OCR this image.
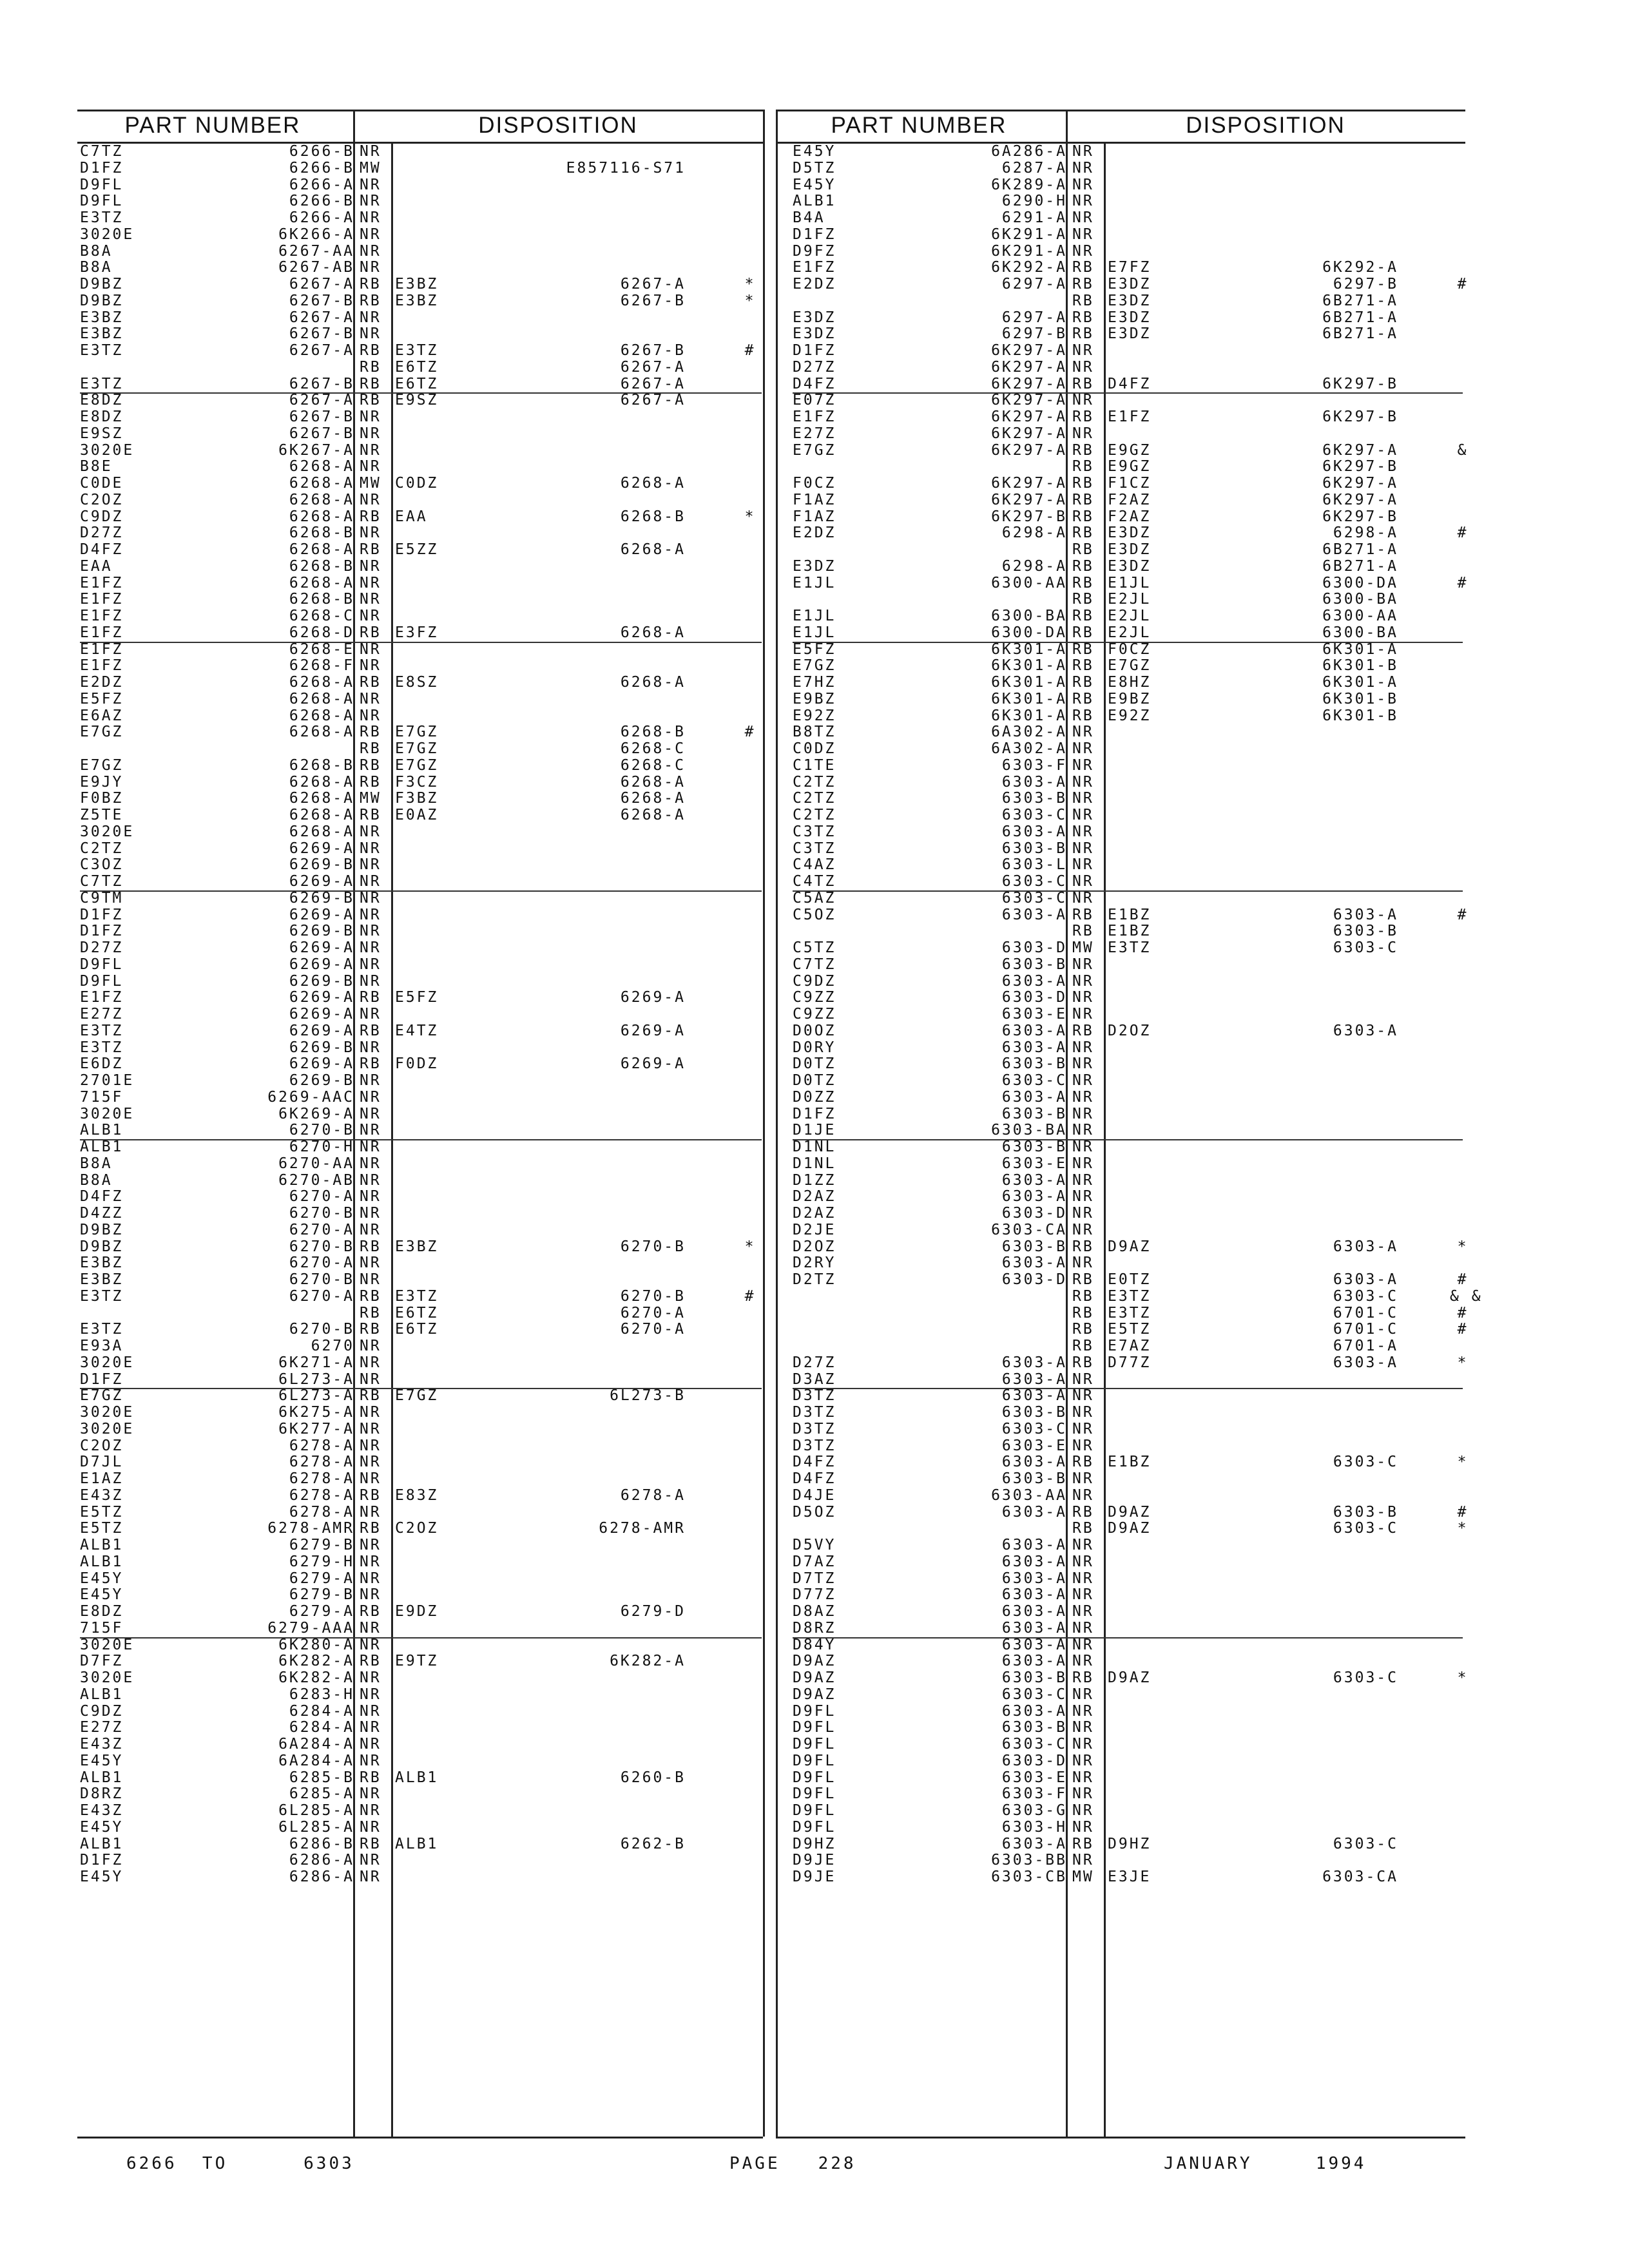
PART NUMBER	DISPOSITION	PART NUMBER	DISPOSITION
C7TZ	6266-B NR
D1FZ	6266-B MW	E857116-S71
D9FL	6266-A NR
D9FL	6266-B NR
E3TZ	6266-A NR
3020E	6K266-A NR
B8A	6267-AA NR
B8A	6267-AB NR
D9BZ	6267-A RB E3BZ	6267-A	*
D9BZ	6267-B RB E3BZ	6267-B	*
E3BZ	6267-A NR
E3BZ	6267-B NR
E3TZ	6267-A RB E3TZ	6267-B	#
RB E6TZ	6267-A
E3TZ	6267-B RB E6TZ	6267-A
E8DZ	6267-A RB E9SZ	6267-A
E8DZ	6267-B NR
E9SZ	6267-B NR
3020E	6K267-A NR
B8E	6268-A NR
C0DE	6268-A MW C0DZ	6268-A
C2OZ	6268-A NR
C9DZ	6268-A RB EAA	6268-B	*
D27Z	6268-B NR
D4FZ	6268-A RB E5ZZ	6268-A
EAA	6268-B NR
E1FZ	6268-A NR
E1FZ	6268-B NR
E1FZ	6268-C NR
E1FZ	6268-D RB E3FZ	6268-A
E1FZ	6268-E NR
E1FZ	6268-F NR
E2DZ	6268-A RB E8SZ	6268-A
E5FZ	6268-A NR
E6AZ	6268-A NR
E7GZ	6268-A RB E7GZ	6268-B	#
RB E7GZ	6268-C
E7GZ	6268-B RB E7GZ	6268-C
E9JY	6268-A RB F3CZ	6268-A
F0BZ	6268-A MW F3BZ	6268-A
Z5TE	6268-A RB E0AZ	6268-A
3020E	6268-A NR
C2TZ	6269-A NR
C3OZ	6269-B NR
C7TZ	6269-A NR
C9TM	6269-B NR
D1FZ	6269-A NR
D1FZ	6269-B NR
D27Z	6269-A NR
D9FL	6269-A NR
D9FL	6269-B NR
E1FZ	6269-A RB E5FZ	6269-A
E27Z	6269-A NR
E3TZ	6269-A RB E4TZ	6269-A
E3TZ	6269-B NR
E6DZ	6269-A RB F0DZ	6269-A
2701E	6269-B NR
715F	6269-AAC NR
3020E	6K269-A NR
ALB1	6270-B NR
ALB1	6270-H NR
B8A	6270-AA NR
B8A	6270-AB NR
D4FZ	6270-A NR
D4ZZ	6270-B NR
D9BZ	6270-A NR
D9BZ	6270-B RB E3BZ	6270-B	*
E3BZ	6270-A NR
E3BZ	6270-B NR
E3TZ	6270-A RB E3TZ	6270-B	#
RB E6TZ	6270-A
E3TZ	6270-B RB E6TZ	6270-A
E93A	6270 NR
3020E	6K271-A NR
D1FZ	6L273-A NR
E7GZ	6L273-A RB E7GZ	6L273-B
3020E	6K275-A NR
3020E	6K277-A NR
C2OZ	6278-A NR
D7JL	6278-A NR
E1AZ	6278-A NR
E43Z	6278-A RB E83Z	6278-A
E5TZ	6278-A NR
E5TZ	6278-AMR RB C2OZ	6278-AMR
ALB1	6279-B NR
ALB1	6279-H NR
E45Y	6279-A NR
E45Y	6279-B NR
E8DZ	6279-A RB E9DZ	6279-D
715F	6279-AAA NR
3020E	6K280-A NR
D7FZ	6K282-A RB E9TZ	6K282-A
3020E	6K282-A NR
ALB1	6283-H NR
C9DZ	6284-A NR
E27Z	6284-A NR
E43Z	6A284-A NR
E45Y	6A284-A NR
ALB1	6285-B RB ALB1	6260-B
D8RZ	6285-A NR
E43Z	6L285-A NR
E45Y	6L285-A NR
ALB1	6286-B RB ALB1	6262-B
D1FZ	6286-A NR
E45Y	6286-A NR
E45Y	6A286-A NR
D5TZ	6287-A NR
E45Y	6K289-A NR
ALB1	6290-H NR
B4A	6291-A NR
D1FZ	6K291-A NR
D9FZ	6K291-A NR
E1FZ	6K292-A RB E7FZ	6K292-A
E2DZ	6297-A RB E3DZ	6297-B	#
RB E3DZ	6B271-A
E3DZ	6297-A RB E3DZ	6B271-A
E3DZ	6297-B RB E3DZ	6B271-A
D1FZ	6K297-A NR
D27Z	6K297-A NR
D4FZ	6K297-A RB D4FZ	6K297-B
E07Z	6K297-A NR
E1FZ	6K297-A RB E1FZ	6K297-B
E27Z	6K297-A NR
E7GZ	6K297-A RB E9GZ	6K297-A	&
RB E9GZ	6K297-B
F0CZ	6K297-A RB F1CZ	6K297-A
F1AZ	6K297-A RB F2AZ	6K297-A
F1AZ	6K297-B RB F2AZ	6K297-B
E2DZ	6298-A RB E3DZ	6298-A	#
RB E3DZ	6B271-A
E3DZ	6298-A RB E3DZ	6B271-A
E1JL	6300-AA RB E1JL	6300-DA	#
RB E2JL	6300-BA
E1JL	6300-BA RB E2JL	6300-AA
E1JL	6300-DA RB E2JL	6300-BA
E5FZ	6K301-A RB F0CZ	6K301-A
E7GZ	6K301-A RB E7GZ	6K301-B
E7HZ	6K301-A RB E8HZ	6K301-A
E9BZ	6K301-A RB E9BZ	6K301-B
E92Z	6K301-A RB E92Z	6K301-B
B8TZ	6A302-A NR
C0DZ	6A302-A NR
C1TE	6303-F NR
C2TZ	6303-A NR
C2TZ	6303-B NR
C2TZ	6303-C NR
C3TZ	6303-A NR
C3TZ	6303-B NR
C4AZ	6303-L NR
C4TZ	6303-C NR
C5AZ	6303-C NR
C5OZ	6303-A RB E1BZ	6303-A	#
RB E1BZ	6303-B
C5TZ	6303-D MW E3TZ	6303-C
C7TZ	6303-B NR
C9DZ	6303-A NR
C9ZZ	6303-D NR
C9ZZ	6303-E NR
D0OZ	6303-A RB D2OZ	6303-A
D0RY	6303-A NR
D0TZ	6303-B NR
D0TZ	6303-C NR
D0ZZ	6303-A NR
D1FZ	6303-B NR
D1JE	6303-BA NR
D1NL	6303-B NR
D1NL	6303-E NR
D1ZZ	6303-A NR
D2AZ	6303-A NR
D2AZ	6303-D NR
D2JE	6303-CA NR
D2OZ	6303-B RB D9AZ	6303-A	*
D2RY	6303-A NR
D2TZ	6303-D RB E0TZ	6303-A	#
RB E3TZ	6303-C	& &
RB E3TZ	6701-C	#
RB E5TZ	6701-C	#
RB E7AZ	6701-A
D27Z	6303-A RB D77Z	6303-A	*
D3AZ	6303-A NR
D3TZ	6303-A NR
D3TZ	6303-B NR
D3TZ	6303-C NR
D3TZ	6303-E NR
D4FZ	6303-A RB E1BZ	6303-C	*
D4FZ	6303-B NR
D4JE	6303-AA NR
D5OZ	6303-A RB D9AZ	6303-B	#
RB D9AZ	6303-C	*
D5VY	6303-A NR
D7AZ	6303-A NR
D7TZ	6303-A NR
D77Z	6303-A NR
D8AZ	6303-A NR
D8RZ	6303-A NR
D84Y	6303-A NR
D9AZ	6303-A NR
D9AZ	6303-B RB D9AZ	6303-C	*
D9AZ	6303-C NR
D9FL	6303-A NR
D9FL	6303-B NR
D9FL	6303-C NR
D9FL	6303-D NR
D9FL	6303-E NR
D9FL	6303-F NR
D9FL	6303-G NR
D9FL	6303-H NR
D9HZ	6303-A RB D9HZ	6303-C
D9JE	6303-BB NR
D9JE	6303-CB MW E3JE	6303-CA
6266  TO      6303	PAGE   228	JANUARY     1994
